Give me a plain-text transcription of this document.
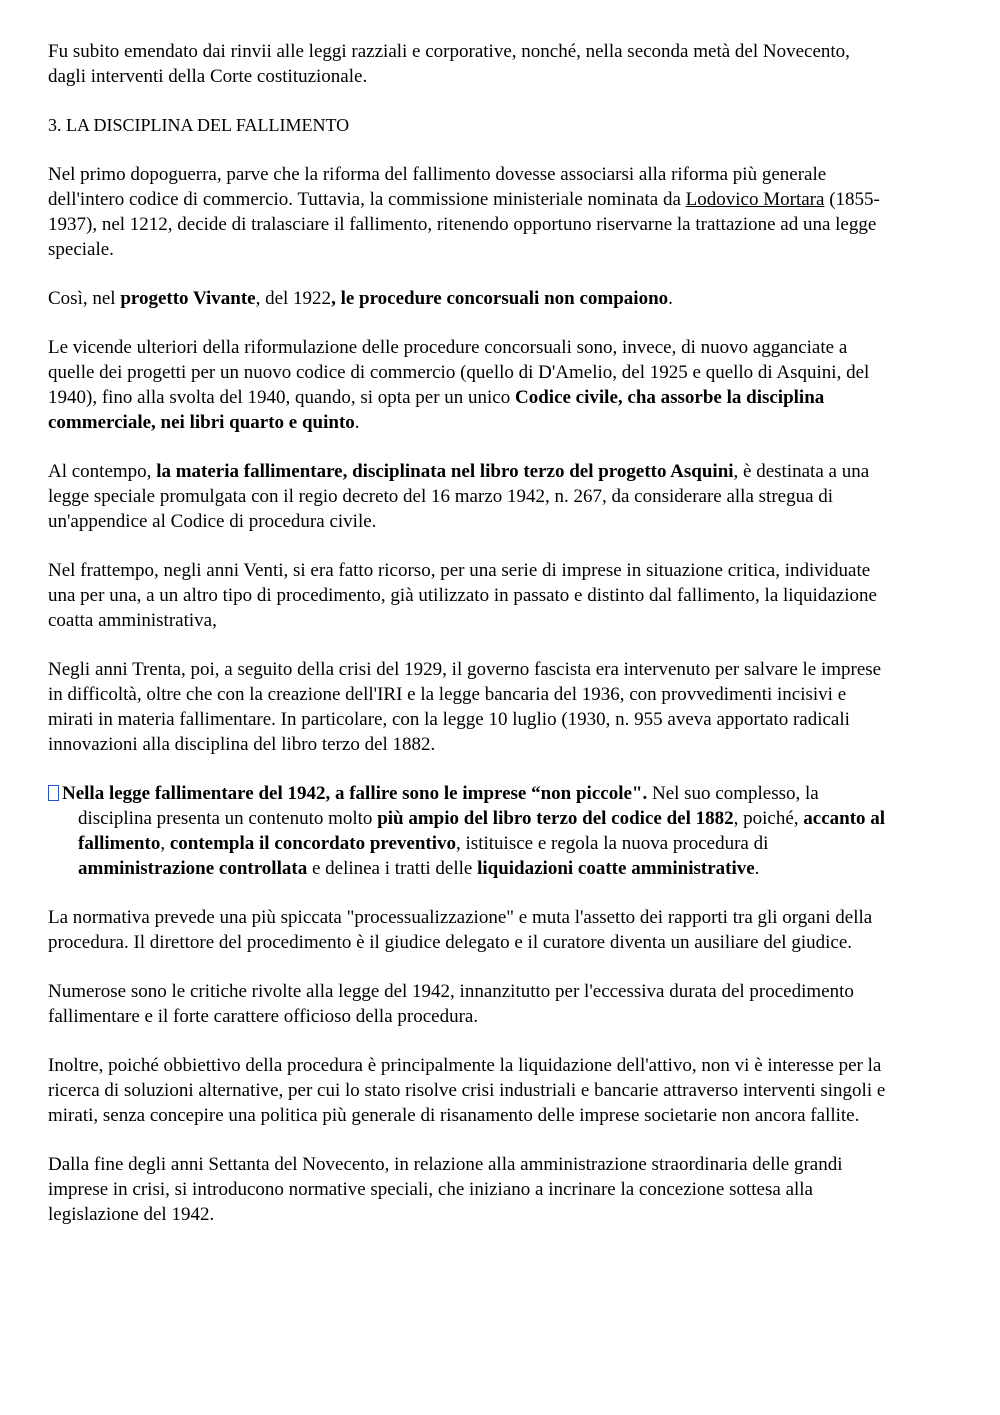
Fu subito emendato dai rinvii alle leggi razziali e corporative, nonché, nella seconda metà del Novecento, dagli interventi della Corte costituzionale.

3. LA DISCIPLINA DEL FALLIMENTO

Nel primo dopoguerra, parve che la riforma del fallimento dovesse associarsi alla riforma più generale dell'intero codice di commercio. Tuttavia, la commissione ministeriale nominata da Lodovico Mortara (1855-1937), nel 1212, decide di tralasciare il fallimento, ritenendo opportuno riservarne la trattazione ad una legge speciale.

Così, nel progetto Vivante, del 1922, le procedure concorsuali non compaiono.

Le vicende ulteriori della riformulazione delle procedure concorsuali sono, invece, di nuovo agganciate a quelle dei progetti per un nuovo codice di commercio (quello di D'Amelio, del 1925 e quello di Asquini, del 1940), fino alla svolta del 1940, quando, si opta per un unico Codice civile, cha assorbe la disciplina commerciale, nei libri quarto e quinto.

Al contempo, la materia fallimentare, disciplinata nel libro terzo del progetto Asquini, è destinata a una legge speciale promulgata con il regio decreto del 16 marzo 1942, n. 267, da considerare alla stregua di un'appendice al Codice di procedura civile.

Nel frattempo, negli anni Venti, si era fatto ricorso, per una serie di imprese in situazione critica, individuate una per una, a un altro tipo di procedimento, già utilizzato in passato e distinto dal fallimento, la liquidazione coatta amministrativa,

Negli anni Trenta, poi, a seguito della crisi del 1929, il governo fascista era intervenuto per salvare le imprese in difficoltà, oltre che con la creazione dell'IRI e la legge bancaria del 1936, con provvedimenti incisivi e mirati in materia fallimentare. In particolare, con la legge 10 luglio (1930, n. 955 aveva apportato radicali innovazioni alla disciplina del libro terzo del 1882.

Nella legge fallimentare del 1942, a fallire sono le imprese “non piccole". Nel suo complesso, la disciplina presenta un contenuto molto più ampio del libro terzo del codice del 1882, poiché, accanto al fallimento, contempla il concordato preventivo, istituisce e regola la nuova procedura di amministrazione controllata e delinea i tratti delle liquidazioni coatte amministrative.

La normativa prevede una più spiccata "processualizzazione" e muta l'assetto dei rapporti tra gli organi della procedura. Il direttore del procedimento è il giudice delegato e il curatore diventa un ausiliare del giudice.

Numerose sono le critiche rivolte alla legge del 1942, innanzitutto per l'eccessiva durata del procedimento fallimentare e il forte carattere officioso della procedura.

Inoltre, poiché obbiettivo della procedura è principalmente la liquidazione dell'attivo, non vi è interesse per la ricerca di soluzioni alternative, per cui lo stato risolve crisi industriali e bancarie attraverso interventi singoli e mirati, senza concepire una politica più generale di risanamento delle imprese societarie non ancora fallite.

Dalla fine degli anni Settanta del Novecento, in relazione alla amministrazione straordinaria delle grandi imprese in crisi, si introducono normative speciali, che iniziano a incrinare la concezione sottesa alla legislazione del 1942.
